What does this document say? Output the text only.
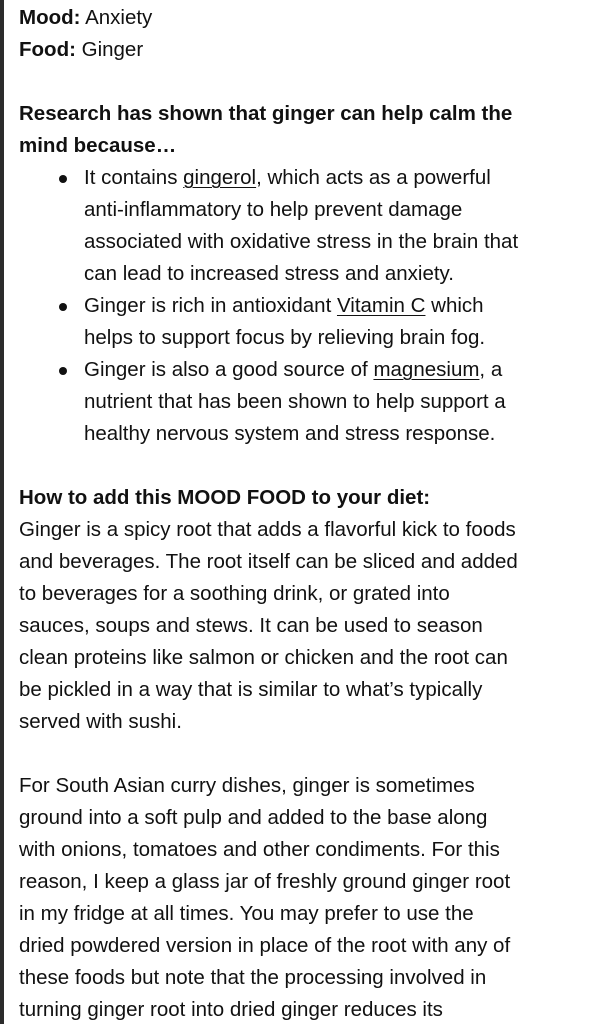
Mood: Anxiety
Food: Ginger
Research has shown that ginger can help calm the
mind because…
It contains gingerol, which acts as a powerful
anti-inflammatory to help prevent damage
associated with oxidative stress in the brain that
can lead to increased stress and anxiety.
Ginger is rich in antioxidant Vitamin C which
helps to support focus by relieving brain fog.
Ginger is also a good source of magnesium, a
nutrient that has been shown to help support a
healthy nervous system and stress response.
How to add this MOOD FOOD to your diet:
Ginger is a spicy root that adds a flavorful kick to foods
and beverages. The root itself can be sliced and added
to beverages for a soothing drink, or grated into
sauces, soups and stews. It can be used to season
clean proteins like salmon or chicken and the root can
be pickled in a way that is similar to what’s typically
served with sushi.
For South Asian curry dishes, ginger is sometimes
ground into a soft pulp and added to the base along
with onions, tomatoes and other condiments. For this
reason, I keep a glass jar of freshly ground ginger root
in my fridge at all times. You may prefer to use the
dried powdered version in place of the root with any of
these foods but note that the processing involved in
turning ginger root into dried ginger reduces its
